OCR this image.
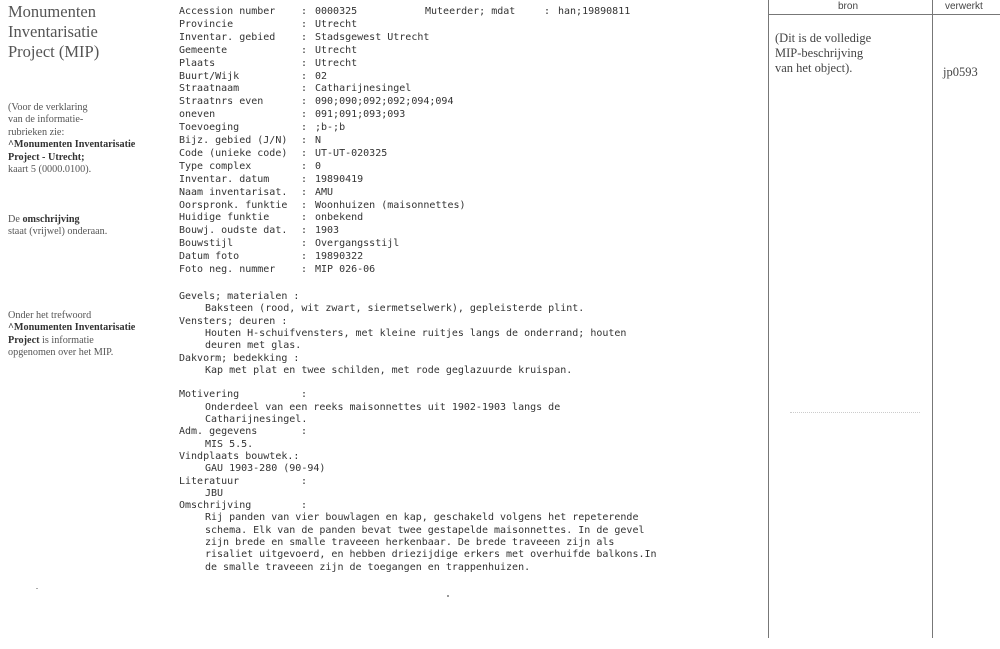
Monumenten
Inventarisatie
Project (MIP)
(Voor de verklaring
van de informatie-
rubrieken zie:
^Monumenten Inventarisatie
Project - Utrecht;
kaart 5 (0000.0100).
De omschrijving
staat (vrijwel) onderaan.
Onder het trefwoord
^Monumenten Inventarisatie
Project is informatie
opgenomen over het MIP.
Accession number	: 0000325
Provincie	: Utrecht
Inventar. gebied	: Stadsgewest Utrecht
Gemeente	: Utrecht
Plaats	: Utrecht
Buurt/Wijk	: 02
Straatnaam	: Catharijnesingel
Straatnrs even	: 090;090;092;092;094;094
oneven	: 091;091;093;093
Toevoeging	: ;b-;b
Bijz. gebied (J/N) : N
Code (unieke code) : UT-UT-020325
Type complex	: 0
Inventar. datum	: 19890419
Naam inventarisat. : AMU
Oorspronk. funktie : Woonhuizen (maisonnettes)
Huidige funktie	: onbekend
Bouwj. oudste dat. : 1903
Bouwstijl	: Overgangsstijl
Datum foto	: 19890322
Foto neg. nummer	: MIP 026-06
Muteerder; mdat	: han;19890811
Gevels; materialen :
Baksteen (rood, wit zwart, siermetselwerk), gepleisterde plint.
Vensters; deuren :
Houten H-schuifvensters, met kleine ruitjes langs de onderrand; houten
deuren met glas.
Dakvorm; bedekking :
Kap met plat en twee schilden, met rode geglazuurde kruispan.
Motivering	:
Onderdeel van een reeks maisonnettes uit 1902-1903 langs de
Catharijnesingel.
Adm. gegevens	:
MIS 5.5.
Vindplaats bouwtek.:
GAU 1903-280 (90-94)
Literatuur	:
JBU
Omschrijving	:
Rij panden van vier bouwlagen en kap, geschakeld volgens het repeterende
schema. Elk van de panden bevat twee gestapelde maisonnettes. In de gevel
zijn brede en smalle traveeen herkenbaar. De brede traveeen zijn als
risaliet uitgevoerd, en hebben driezijdige erkers met overhuifde balkons.In
de smalle traveeen zijn de toegangen en trappenhuizen.
bron	verwerkt
(Dit is de volledige
MIP-beschrijving
van het object).	jp0593
